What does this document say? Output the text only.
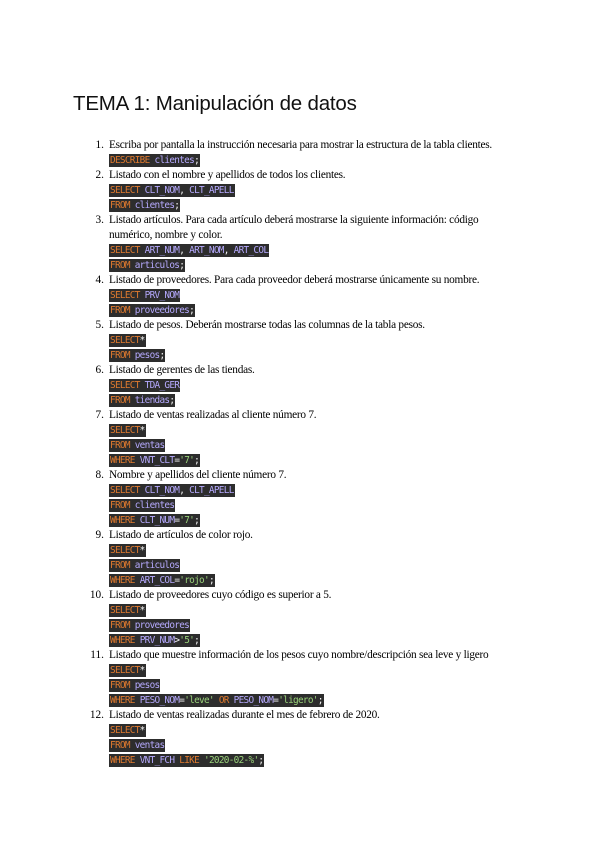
TEMA 1: Manipulación de datos
1. Escriba por pantalla la instrucción necesaria para mostrar la estructura de la tabla clientes.
DESCRIBE clientes;
2. Listado con el nombre y apellidos de todos los clientes.
SELECT CLT_NOM, CLT_APELL
FROM clientes;
3. Listado artículos. Para cada artículo deberá mostrarse la siguiente información: código numérico, nombre y color.
SELECT ART_NUM, ART_NOM, ART_COL
FROM articulos;
4. Listado de proveedores. Para cada proveedor deberá mostrarse únicamente su nombre.
SELECT PRV_NOM
FROM proveedores;
5. Listado de pesos. Deberán mostrarse todas las columnas de la tabla pesos.
SELECT*
FROM pesos;
6. Listado de gerentes de las tiendas.
SELECT TDA_GER
FROM tiendas;
7. Listado de ventas realizadas al cliente número 7.
SELECT*
FROM ventas
WHERE VNT_CLT='7';
8. Nombre y apellidos del cliente número 7.
SELECT CLT_NOM, CLT_APELL
FROM clientes
WHERE CLT_NUM='7';
9. Listado de artículos de color rojo.
SELECT*
FROM articulos
WHERE ART_COL='rojo';
10. Listado de proveedores cuyo código es superior a 5.
SELECT*
FROM proveedores
WHERE PRV_NUM>'5';
11. Listado que muestre información de los pesos cuyo nombre/descripción sea leve y ligero
SELECT*
FROM pesos
WHERE PESO_NOM='leve' OR PESO_NOM='ligero';
12. Listado de ventas realizadas durante el mes de febrero de 2020.
SELECT*
FROM ventas
WHERE VNT_FCH LIKE '2020-02-%';
